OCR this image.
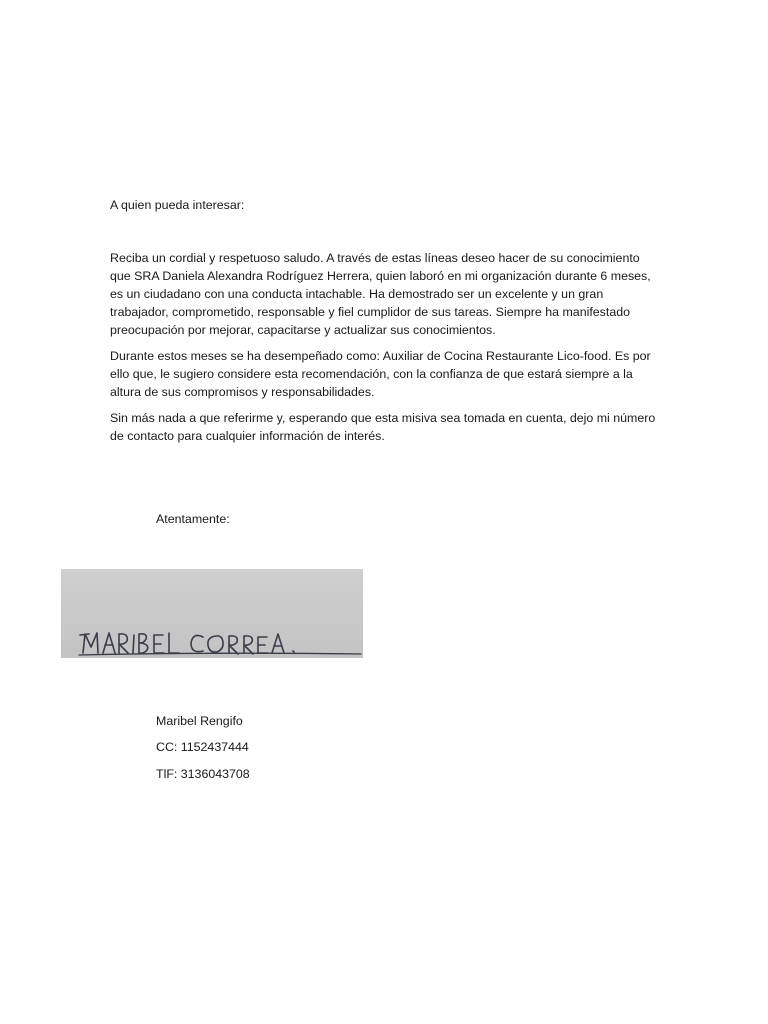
A quien pueda interesar:

Reciba un cordial y respetuoso saludo. A través de estas líneas deseo hacer de su conocimiento que SRA Daniela Alexandra Rodríguez Herrera, quien laboró en mi organización durante 6 meses, es un ciudadano con una conducta intachable. Ha demostrado ser un excelente y un gran trabajador, comprometido, responsable y fiel cumplidor de sus tareas. Siempre ha manifestado preocupación por mejorar, capacitarse y actualizar sus conocimientos.

Durante estos meses se ha desempeñado como: Auxiliar de Cocina Restaurante Lico-food. Es por ello que, le sugiero considere esta recomendación, con la confianza de que estará siempre a la altura de sus compromisos y responsabilidades.

Sin más nada a que referirme y, esperando que esta misiva sea tomada en cuenta, dejo mi número de contacto para cualquier información de interés.

Atentamente:

Maribel Rengifo

CC: 1152437444

TlF: 3136043708
